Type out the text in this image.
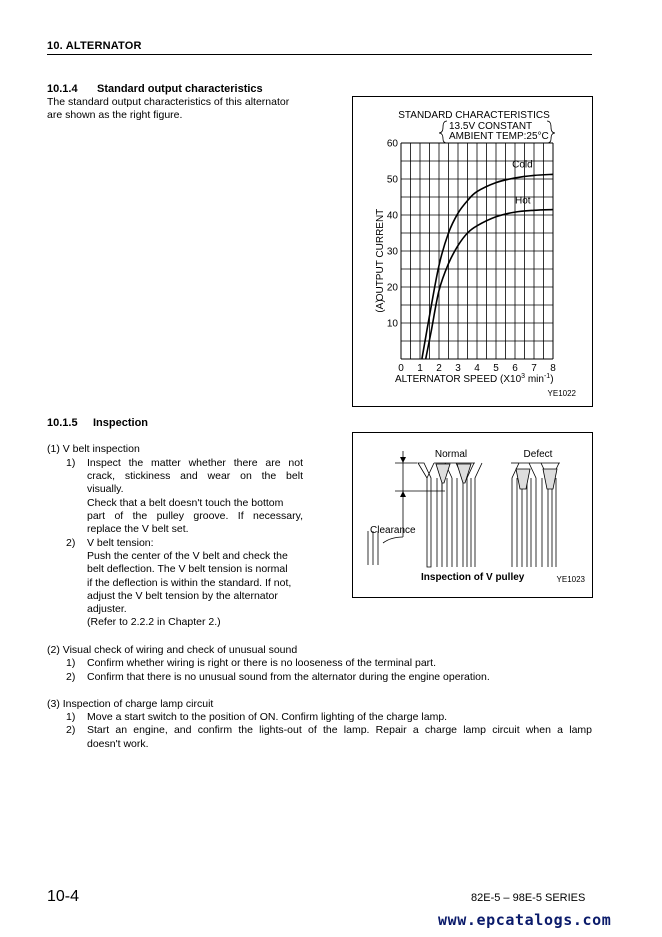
10. ALTERNATOR
10.1.4 Standard output characteristics
The standard output characteristics of this alternator
are shown as the right figure.	STANDARD CHARACTERISTICS
13.5V CONSTANT
AMBIENT TEMP:25°C
10
20
30
40
50
60
0 1 2 3 4 5 6 7 8
Cold
Hot
OUTPUT CURRENT
(A)
ALTERNATOR SPEED ($X10^3$ $\min^{-1}$)
YE1022
10.1.5 Inspection
(1) V belt inspection
1) Inspect the matter whether there are not
crack, stickiness and wear on the belt
visually.
Check that a belt doesn't touch the bottom
part of the pulley groove. If necessary,
replace the V belt set.
2) V belt tension:
Push the center of the V belt and check the
belt deflection. The V belt tension is normal
if the deflection is within the standard. If not,
adjust the V belt tension by the alternator
adjuster.
(Refer to 2.2.2 in Chapter 2.)
Normal	Defect
Clearance
Inspection of V pulley	YE1023
(2) Visual check of wiring and check of unusual sound
1) Confirm whether wiring is right or there is no looseness of the terminal part.
2) Confirm that there is no unusual sound from the alternator during the engine operation.
(3) Inspection of charge lamp circuit
1) Move a start switch to the position of ON. Confirm lighting of the charge lamp.
2) Start an engine, and confirm the lights-out of the lamp. Repair a charge lamp circuit when a lamp
doesn't work.
10-4	82E-5 – 98E-5 SERIES
www.epcatalogs.com
